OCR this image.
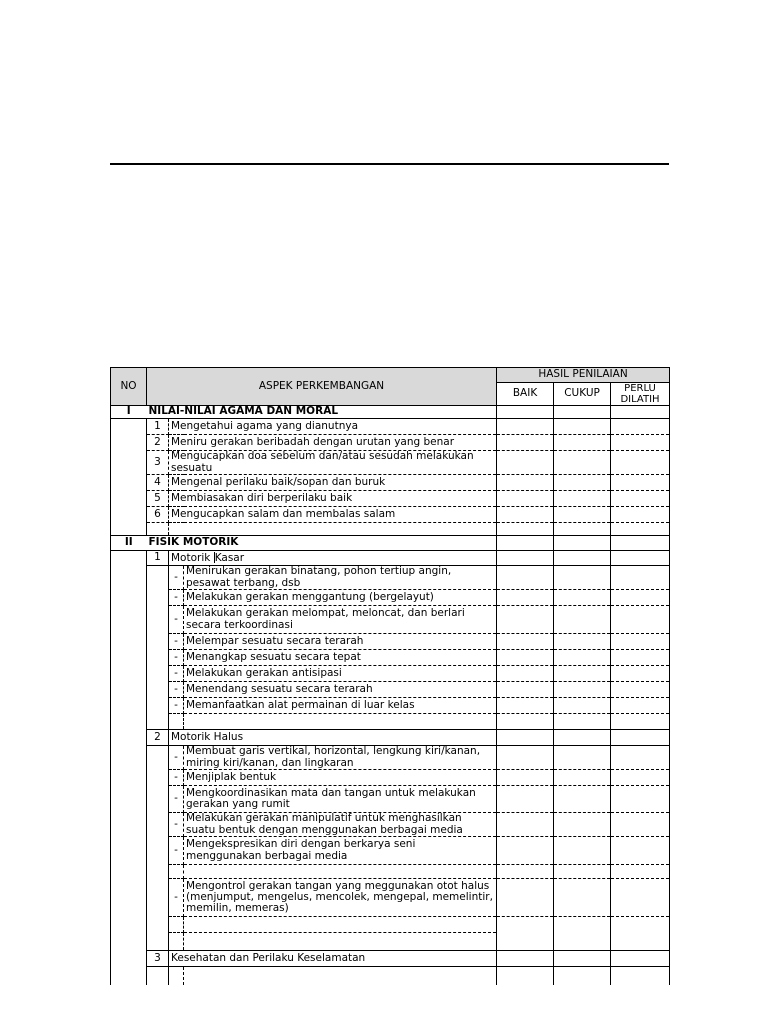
NO	ASPEK PERKEMBANGAN			HASIL PENILAIAN		
				BAIK	CUKUP	PERLU
DILATIH

I	NILAI-NILAI AGAMA DAN MORAL					
	1	Mengetahui agama yang dianutnya				
	2	Meniru gerakan beribadah dengan urutan yang benar				
	3	Mengucapkan doa sebelum dan/atau sesudah melakukan sesuatu				
	4	Mengenal perilaku baik/sopan dan buruk				
	5	Membiasakan diri berperilaku baik				
	6	Mengucapkan salam dan membalas salam				

II	FISIK MOTORIK					
	1	Motorik Kasar				
		-	Menirukan gerakan binatang, pohon tertiup angin, pesawat terbang, dsb			
		-	Melakukan gerakan menggantung (bergelayut)			
		-	Melakukan gerakan melompat, meloncat, dan berlari secara terkoordinasi			
		-	Melempar sesuatu secara terarah			
		-	Menangkap sesuatu secara tepat			
		-	Melakukan gerakan antisipasi			
		-	Menendang sesuatu secara terarah			
		-	Memanfaatkan alat permainan di luar kelas			

	2	Motorik Halus				
		-	Membuat garis vertikal, horizontal, lengkung kiri/kanan, miring kiri/kanan, dan lingkaran			
		-	Menjiplak bentuk			
		-	Mengkoordinasikan mata dan tangan untuk melakukan gerakan yang rumit			
		-	Melakukan gerakan manipulatif untuk menghasilkan suatu bentuk dengan menggunakan berbagai media			
		-	Mengekspresikan diri dengan berkarya seni menggunakan berbagai media			

		-	Mengontrol gerakan tangan yang meggunakan otot halus (menjumput, mengelus, mencolek, mengepal, memelintir, memilin, memeras)			

	3	Kesehatan dan Perilaku Keselamatan				
